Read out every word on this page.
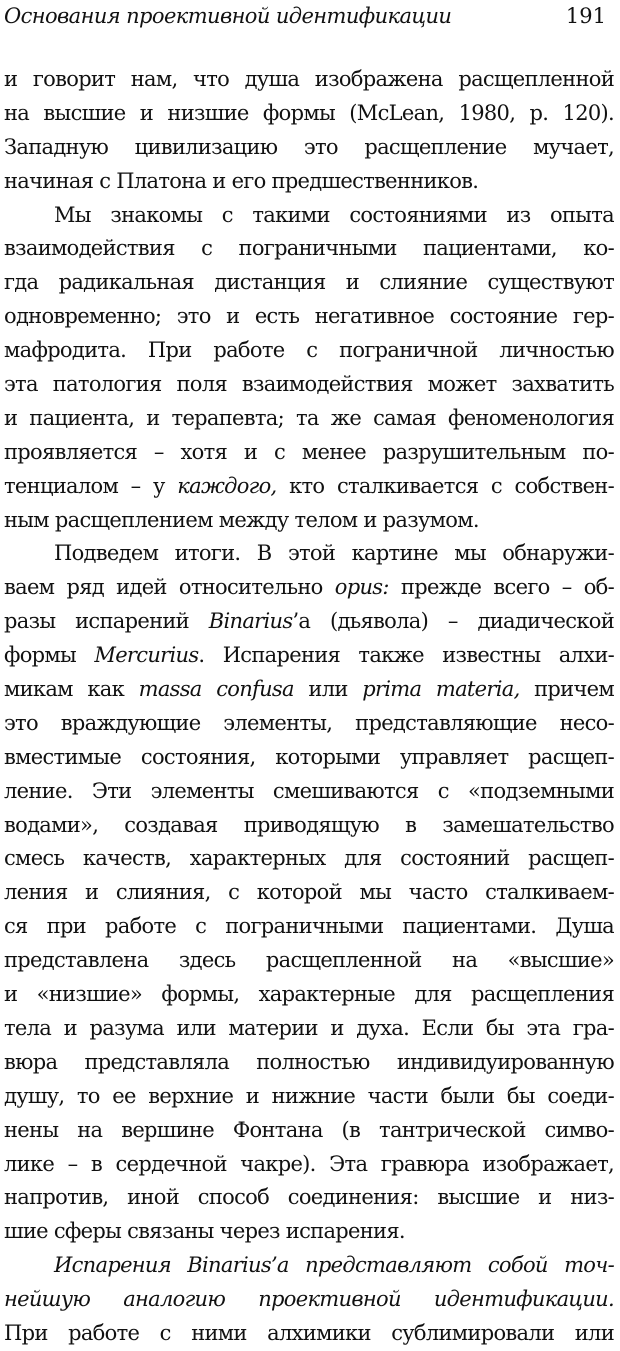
Основания проективной идентификации	191
и говорит нам, что душа изображена расщепленной
на высшие и низшие формы (McLean, 1980, p. 120).
Западную цивилизацию это расщепление мучает,
начиная с Платона и его предшественников.
Мы знакомы с такими состояниями из опыта
взаимодействия с пограничными пациентами, ко-
гда радикальная дистанция и слияние существуют
одновременно; это и есть негативное состояние гер-
мафродита. При работе с пограничной личностью
эта патология поля взаимодействия может захватить
и пациента, и терапевта; та же самая феноменология
проявляется – хотя и с менее разрушительным по-
тенциалом – у каждого, кто сталкивается с собствен-
ным расщеплением между телом и разумом.
Подведем итоги. В этой картине мы обнаружи-
ваем ряд идей относительно opus: прежде всего – об-
разы испарений Binarius’а (дьявола) – диадической
формы Mercurius. Испарения также известны алхи-
микам как massa confusa или prima materia, причем
это враждующие элементы, представляющие несо-
вместимые состояния, которыми управляет расщеп-
ление. Эти элементы смешиваются с «подземными
водами», создавая приводящую в замешательство
смесь качеств, характерных для состояний расщеп-
ления и слияния, с которой мы часто сталкиваем-
ся при работе с пограничными пациентами. Душа
представлена здесь расщепленной на «высшие»
и «низшие» формы, характерные для расщепления
тела и разума или материи и духа. Если бы эта гра-
вюра представляла полностью индивидуированную
душу, то ее верхние и нижние части были бы соеди-
нены на вершине Фонтана (в тантрической симво-
лике – в сердечной чакре). Эта гравюра изображает,
напротив, иной способ соединения: высшие и низ-
шие сферы связаны через испарения.
Испарения Binarius’a представляют собой точ-
нейшую аналогию проективной идентификации.
При работе с ними алхимики сублимировали или
